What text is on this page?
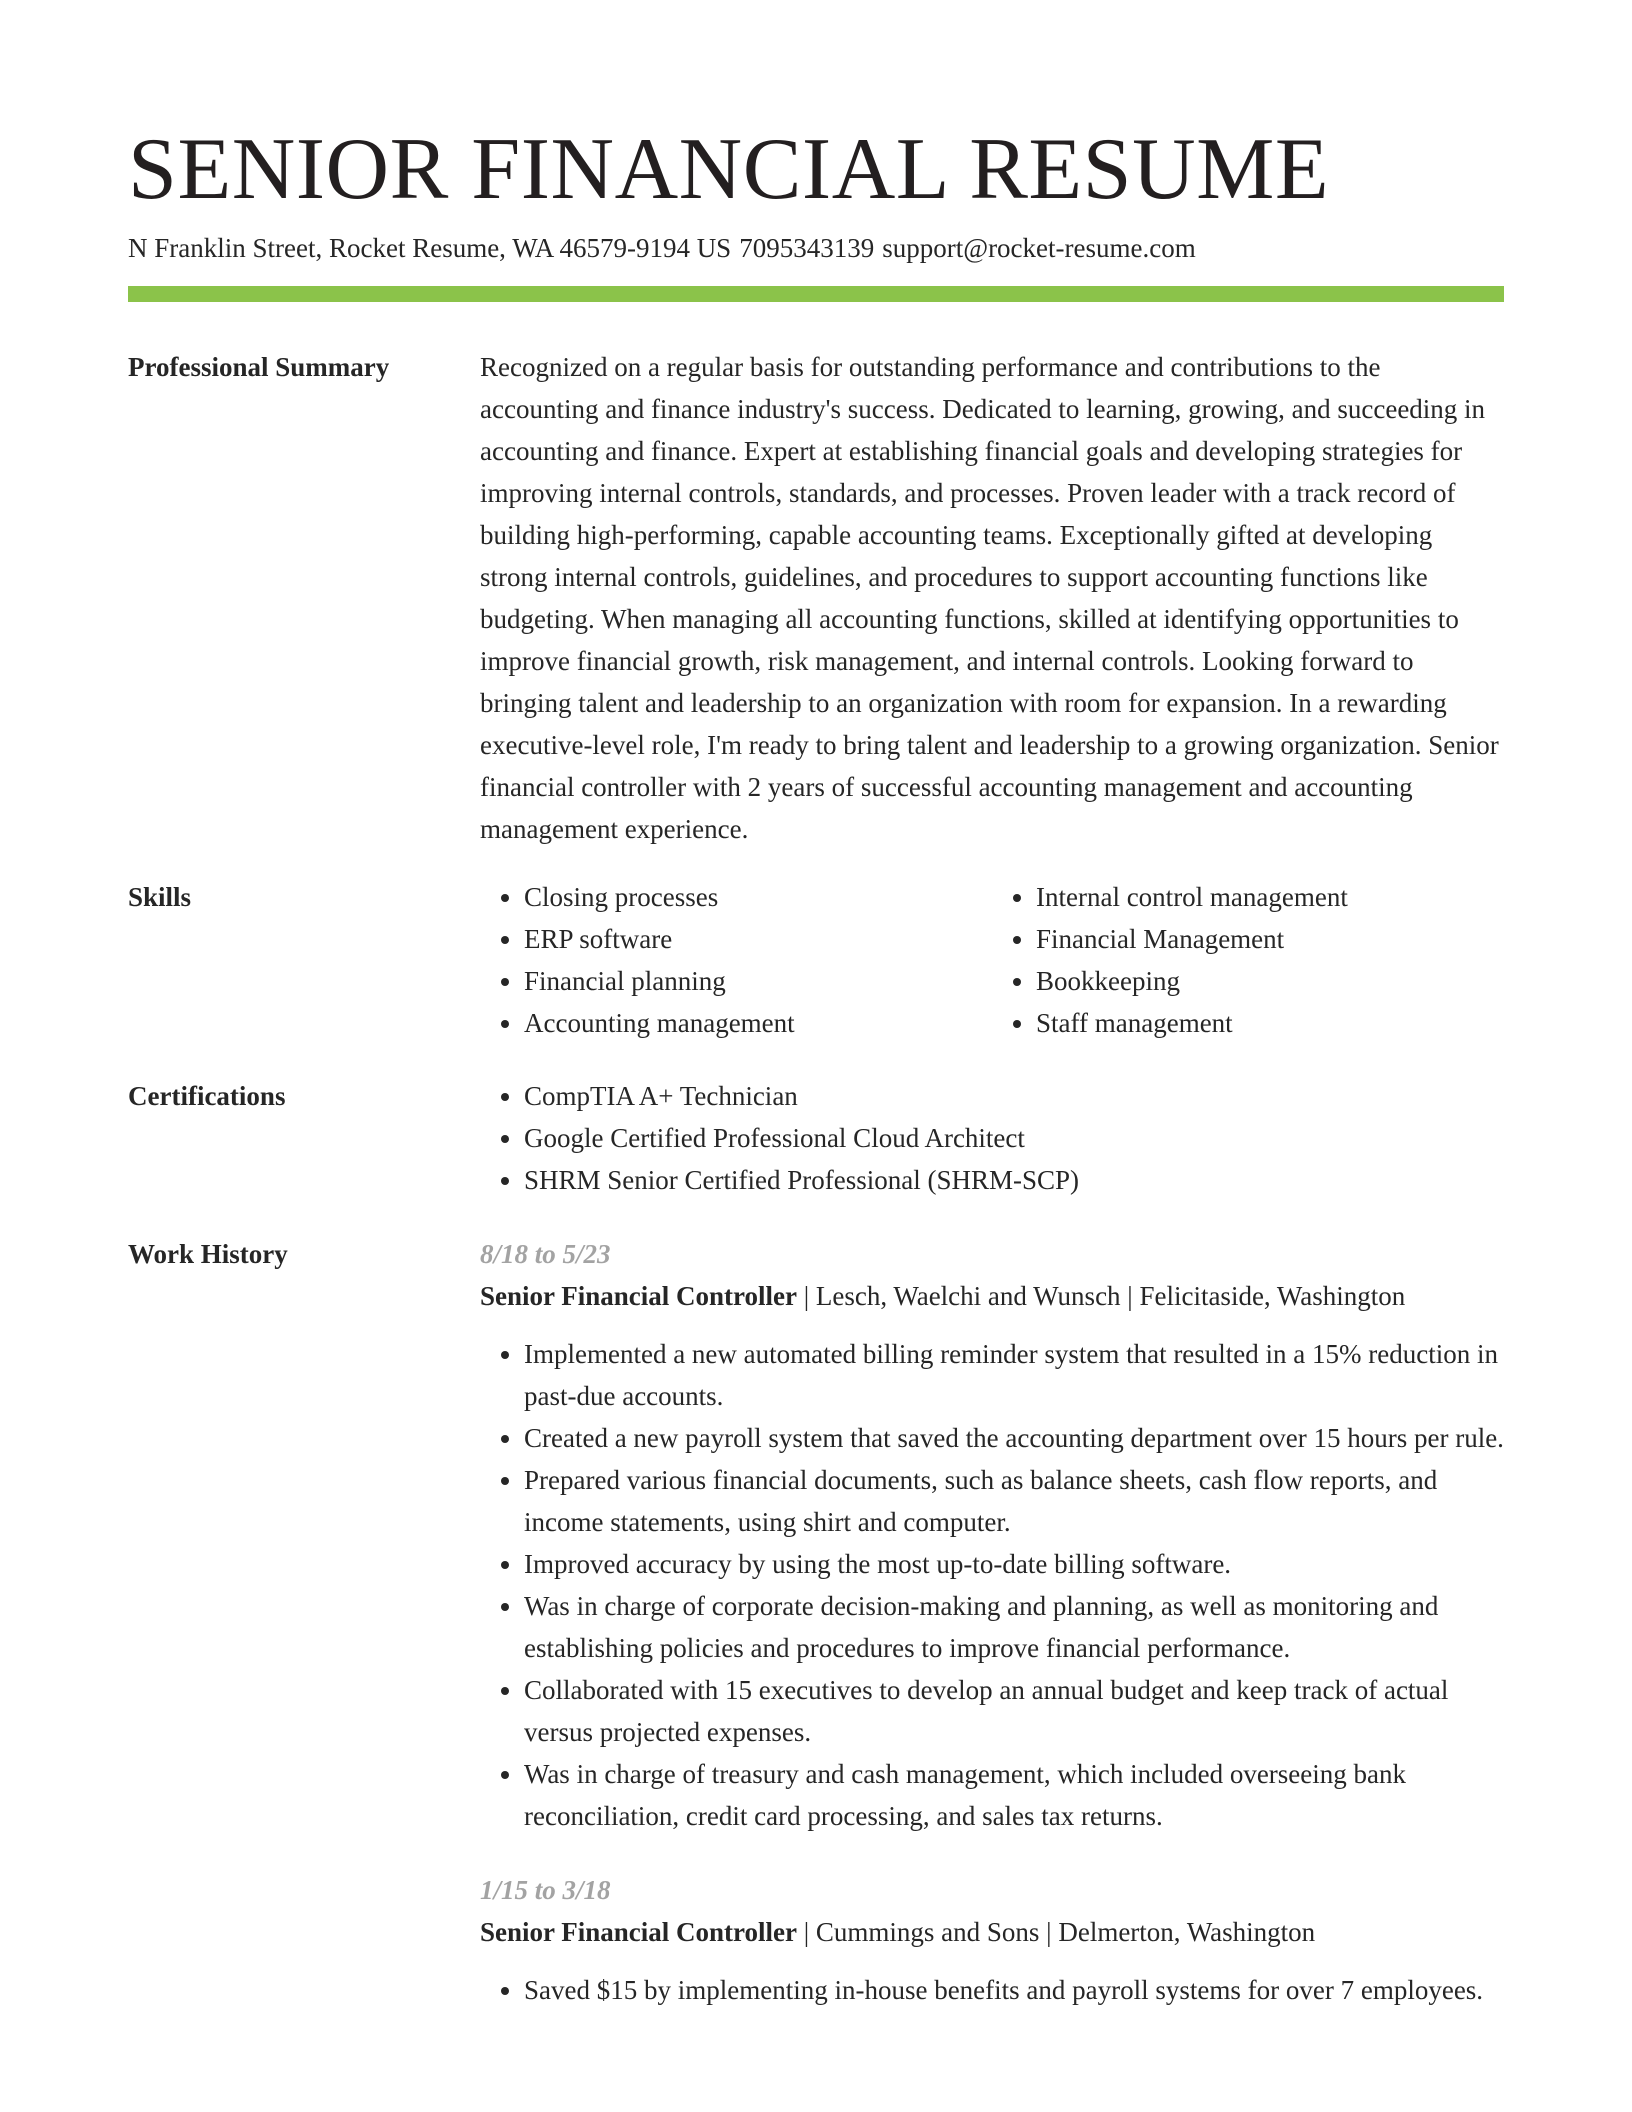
SENIOR FINANCIAL RESUME
N Franklin Street, Rocket Resume, WA 46579-9194 US 7095343139 support@rocket-resume.com
Professional Summary	Recognized on a regular basis for outstanding performance and contributions to the accounting and finance industry's success. Dedicated to learning, growing, and succeeding in accounting and finance. Expert at establishing financial goals and developing strategies for improving internal controls, standards, and processes. Proven leader with a track record of building high-performing, capable accounting teams. Exceptionally gifted at developing strong internal controls, guidelines, and procedures to support accounting functions like budgeting. When managing all accounting functions, skilled at identifying opportunities to improve financial growth, risk management, and internal controls. Looking forward to bringing talent and leadership to an organization with room for expansion. In a rewarding executive-level role, I'm ready to bring talent and leadership to a growing organization. Senior financial controller with 2 years of successful accounting management and accounting management experience.

Skills	• Closing processes
• ERP software
• Financial planning
• Accounting management
• Internal control management
• Financial Management
• Bookkeeping
• Staff management
Certifications	• CompTIA A+ Technician
• Google Certified Professional Cloud Architect
• SHRM Senior Certified Professional (SHRM-SCP)
Work History	8/18 to 5/23
Senior Financial Controller | Lesch, Waelchi and Wunsch | Felicitaside, Washington
• Implemented a new automated billing reminder system that resulted in a 15% reduction in past-due accounts.
• Created a new payroll system that saved the accounting department over 15 hours per rule.
• Prepared various financial documents, such as balance sheets, cash flow reports, and income statements, using shirt and computer.
• Improved accuracy by using the most up-to-date billing software.
• Was in charge of corporate decision-making and planning, as well as monitoring and establishing policies and procedures to improve financial performance.
• Collaborated with 15 executives to develop an annual budget and keep track of actual versus projected expenses.
• Was in charge of treasury and cash management, which included overseeing bank reconciliation, credit card processing, and sales tax returns.
1/15 to 3/18
Senior Financial Controller | Cummings and Sons | Delmerton, Washington
• Saved $15 by implementing in-house benefits and payroll systems for over 7 employees.
